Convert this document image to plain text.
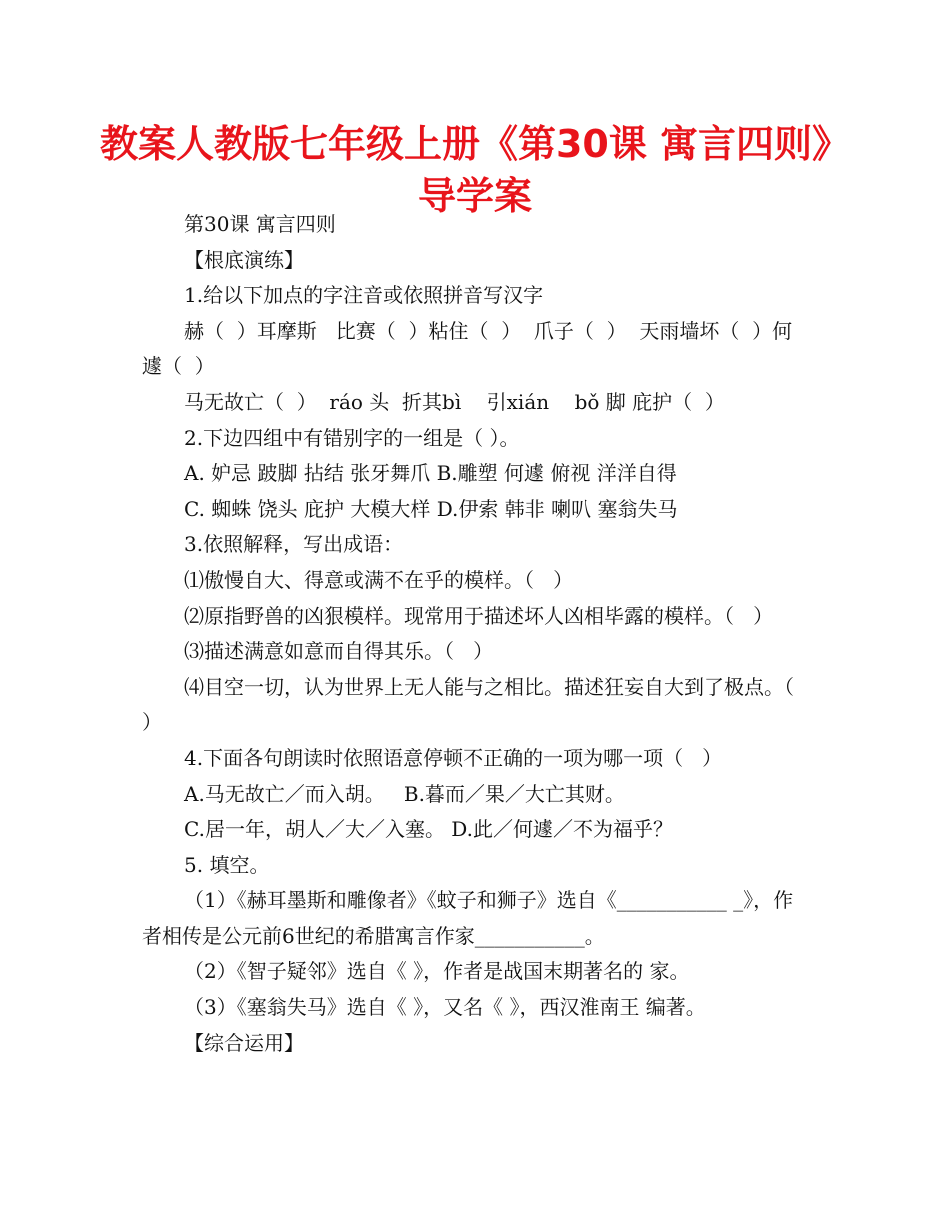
教案人教版七年级上册《第30课 寓言四则》导学案

第30课 寓言四则

【根底演练】

1.给以下加点的字注音或依照拼音写汉字

赫（  ）耳摩斯   比赛（  ）粘住（  ）  爪子（  ）  天雨墙坏（  ）何遽（  ）

马无故亡（  ）  ráo 头  折其bì    引xián    bǒ 脚 庇护（  ）

2.下边四组中有错别字的一组是（ ）。

A. 妒忌 跛脚 拈结 张牙舞爪 B.雕塑 何遽 俯视 洋洋自得

C. 蜘蛛 饶头 庇护 大模大样 D.伊索 韩非 喇叭 塞翁失马

3.依照解释，写出成语：

⑴傲慢自大、得意或满不在乎的模样。（   ）

⑵原指野兽的凶狠模样。现常用于描述坏人凶相毕露的模样。（   ）

⑶描述满意如意而自得其乐。（   ）

⑷目空一切，认为世界上无人能与之相比。描述狂妄自大到了极点。（   ）

4.下面各句朗读时依照语意停顿不正确的一项为哪一项（   ）

A.马无故亡／而入胡。   B.暮而／果／大亡其财。

C.居一年，胡人／大／入塞。 D.此／何遽／不为福乎？

5. 填空。

（1）《赫耳墨斯和雕像者》《蚊子和狮子》选自《___________ _》，作者相传是公元前6世纪的希腊寓言作家___________。

（2）《智子疑邻》选自《 》，作者是战国末期著名的 家。

（3）《塞翁失马》选自《 》，又名《 》，西汉淮南王 编著。

【综合运用】
